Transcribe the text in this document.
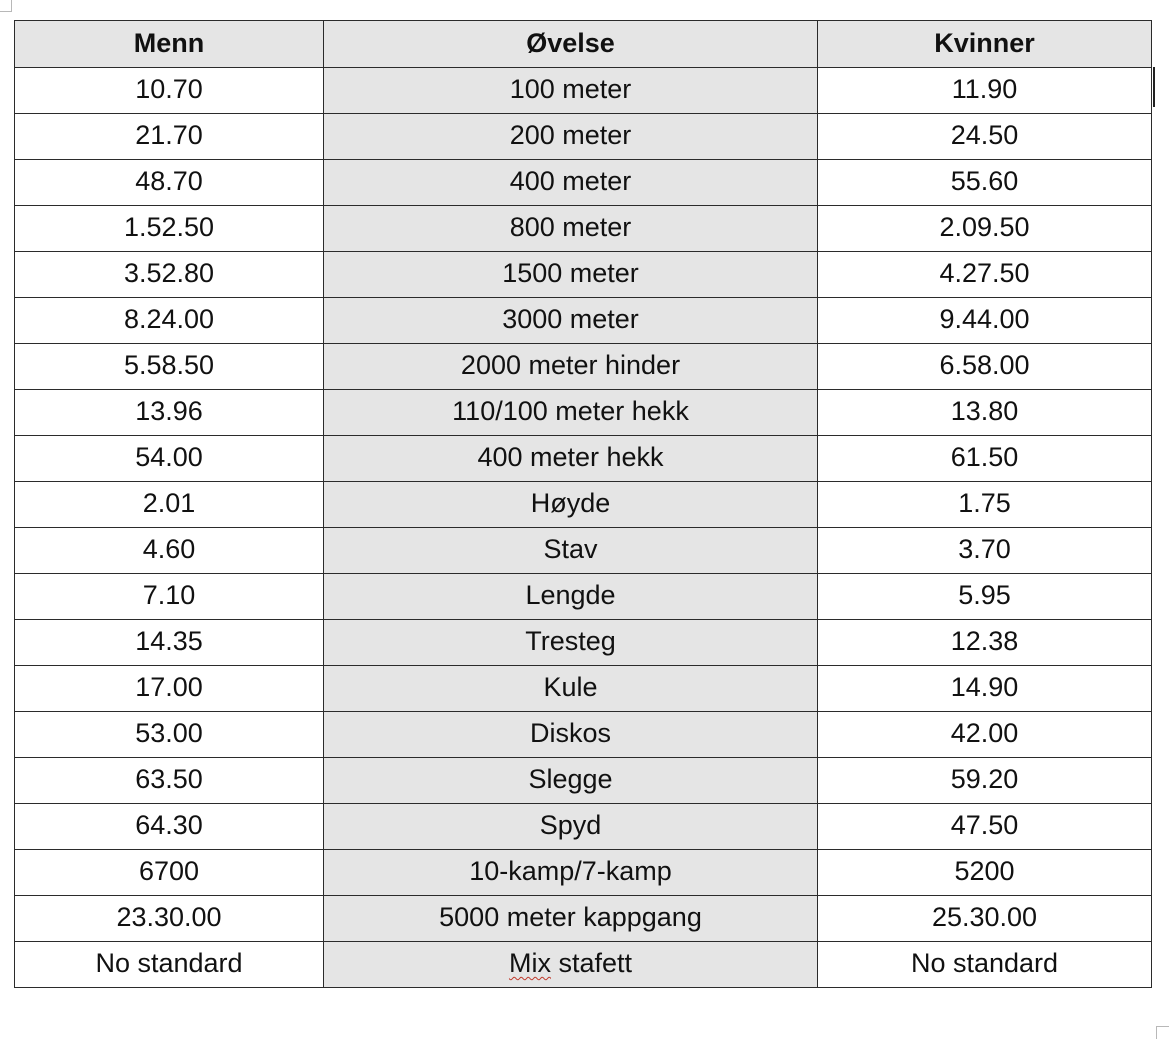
Menn	Øvelse	Kvinner
10.70	100 meter	11.90
21.70	200 meter	24.50
48.70	400 meter	55.60
1.52.50	800 meter	2.09.50
3.52.80	1500 meter	4.27.50
8.24.00	3000 meter	9.44.00
5.58.50	2000 meter hinder	6.58.00
13.96	110/100 meter hekk	13.80
54.00	400 meter hekk	61.50
2.01	Høyde	1.75
4.60	Stav	3.70
7.10	Lengde	5.95
14.35	Tresteg	12.38
17.00	Kule	14.90
53.00	Diskos	42.00
63.50	Slegge	59.20
64.30	Spyd	47.50
6700	10-kamp/7-kamp	5200
23.30.00	5000 meter kappgang	25.30.00
No standard	Mix stafett	No standard
